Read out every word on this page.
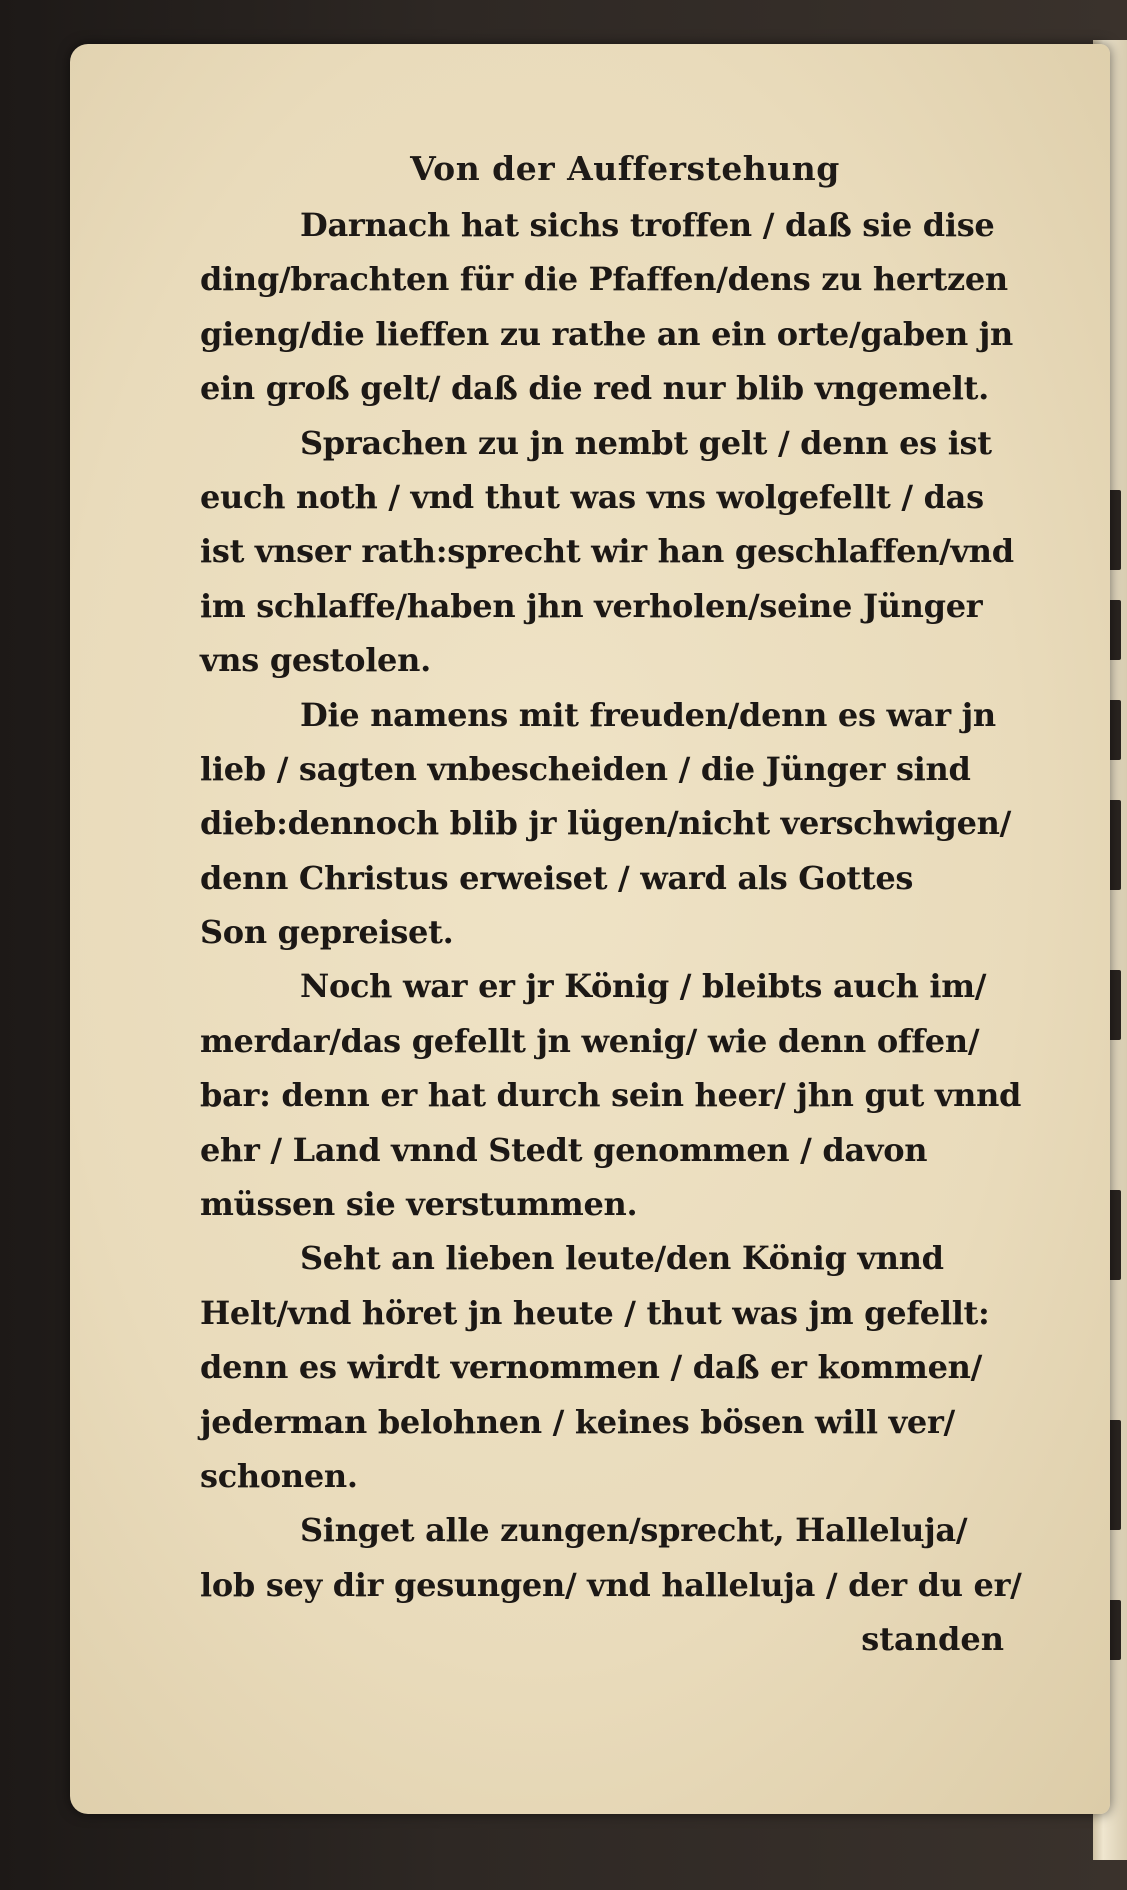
Von der Aufferstehung
Darnach hat sichs troffen / daß sie dise
ding/brachten für die Pfaffen/dens zu hertzen
gieng/die lieffen zu rathe an ein orte/gaben jn
ein groß gelt/ daß die red nur blib vngemelt.
Sprachen zu jn nembt gelt / denn es ist
euch noth / vnd thut was vns wolgefellt / das
ist vnser rath:sprecht wir han geschlaffen/vnd
im schlaffe/haben jhn verholen/seine Jünger
vns gestolen.
Die namens mit freuden/denn es war jn
lieb / sagten vnbescheiden / die Jünger sind
dieb:dennoch blib jr lügen/nicht verschwigen/
denn Christus erweiset / ward als Gottes
Son gepreiset.
Noch war er jr König / bleibts auch im/
merdar/das gefellt jn wenig/ wie denn offen/
bar: denn er hat durch sein heer/ jhn gut vnnd
ehr / Land vnnd Stedt genommen / davon
müssen sie verstummen.
Seht an lieben leute/den König vnnd
Helt/vnd höret jn heute / thut was jm gefellt:
denn es wirdt vernommen / daß er kommen/
jederman belohnen / keines bösen will ver/
schonen.
Singet alle zungen/sprecht, Halleluja/
lob sey dir gesungen/ vnd halleluja / der du er/
standen
